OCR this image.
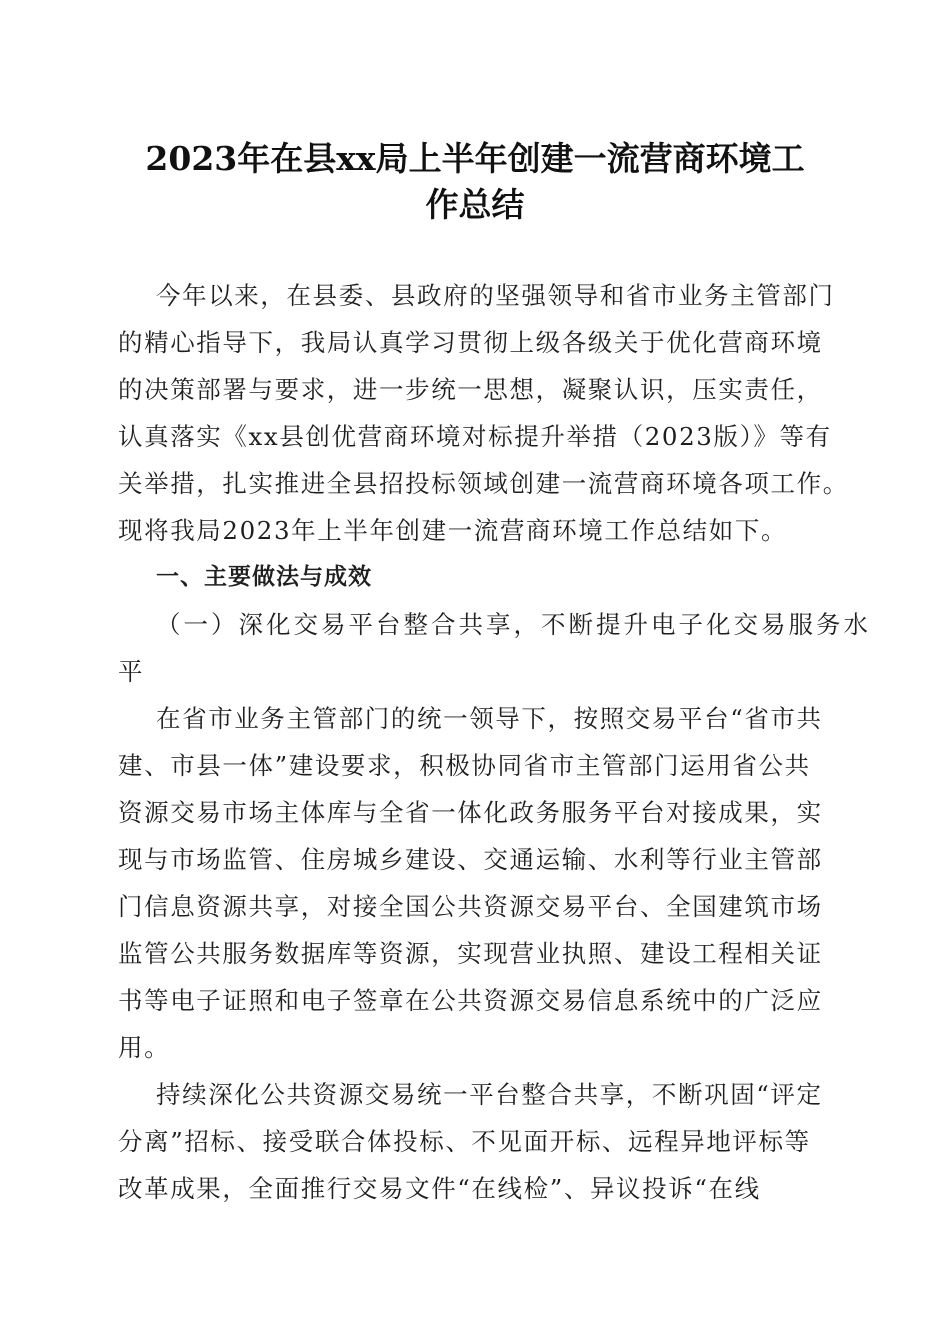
2023年在县xx局上半年创建一流营商环境工
作总结
今年以来，在县委、县政府的坚强领导和省市业务主管部门
的精心指导下，我局认真学习贯彻上级各级关于优化营商环境
的决策部署与要求，进一步统一思想，凝聚认识，压实责任，
认真落实《xx县创优营商环境对标提升举措（2023版）》等有
关举措，扎实推进全县招投标领域创建一流营商环境各项工作。
现将我局2023年上半年创建一流营商环境工作总结如下。
一、主要做法与成效
（一）深化交易平台整合共享，不断提升电子化交易服务水
平
在省市业务主管部门的统一领导下，按照交易平台“省市共
建、市县一体”建设要求，积极协同省市主管部门运用省公共
资源交易市场主体库与全省一体化政务服务平台对接成果，实
现与市场监管、住房城乡建设、交通运输、水利等行业主管部
门信息资源共享，对接全国公共资源交易平台、全国建筑市场
监管公共服务数据库等资源，实现营业执照、建设工程相关证
书等电子证照和电子签章在公共资源交易信息系统中的广泛应
用。
持续深化公共资源交易统一平台整合共享，不断巩固“评定
分离”招标、接受联合体投标、不见面开标、远程异地评标等
改革成果，全面推行交易文件“在线检”、异议投诉“在线
